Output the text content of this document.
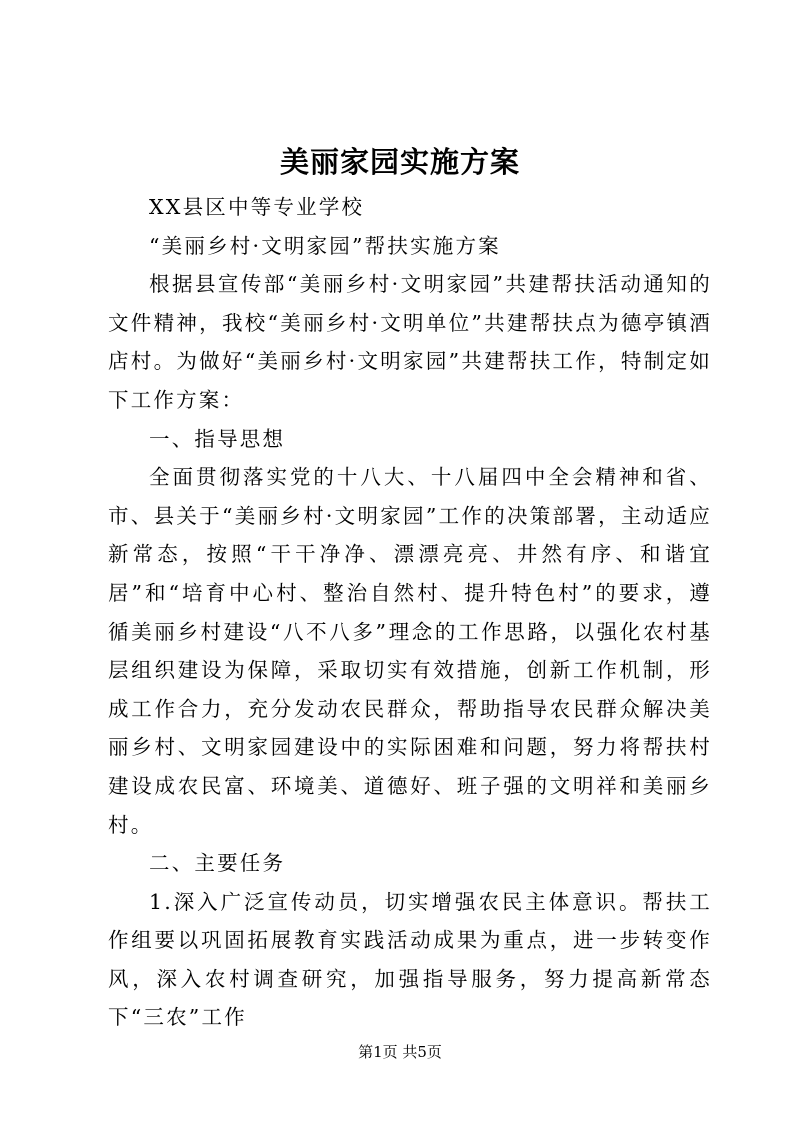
美丽家园实施方案

XX县区中等专业学校

“美丽乡村·文明家园”帮扶实施方案

根据县宣传部“美丽乡村·文明家园”共建帮扶活动通知的文件精神，我校“美丽乡村·文明单位”共建帮扶点为德亭镇酒店村。为做好“美丽乡村·文明家园”共建帮扶工作，特制定如下工作方案：

一、指导思想

全面贯彻落实党的十八大、十八届四中全会精神和省、市、县关于“美丽乡村·文明家园”工作的决策部署，主动适应新常态，按照“干干净净、漂漂亮亮、井然有序、和谐宜居”和“培育中心村、整治自然村、提升特色村”的要求，遵循美丽乡村建设“八不八多”理念的工作思路，以强化农村基层组织建设为保障，采取切实有效措施，创新工作机制，形成工作合力，充分发动农民群众，帮助指导农民群众解决美丽乡村、文明家园建设中的实际困难和问题，努力将帮扶村建设成农民富、环境美、道德好、班子强的文明祥和美丽乡村。

二、主要任务

1.深入广泛宣传动员，切实增强农民主体意识。帮扶工作组要以巩固拓展教育实践活动成果为重点，进一步转变作风，深入农村调查研究，加强指导服务，努力提高新常态下“三农”工作

第1页 共5页
